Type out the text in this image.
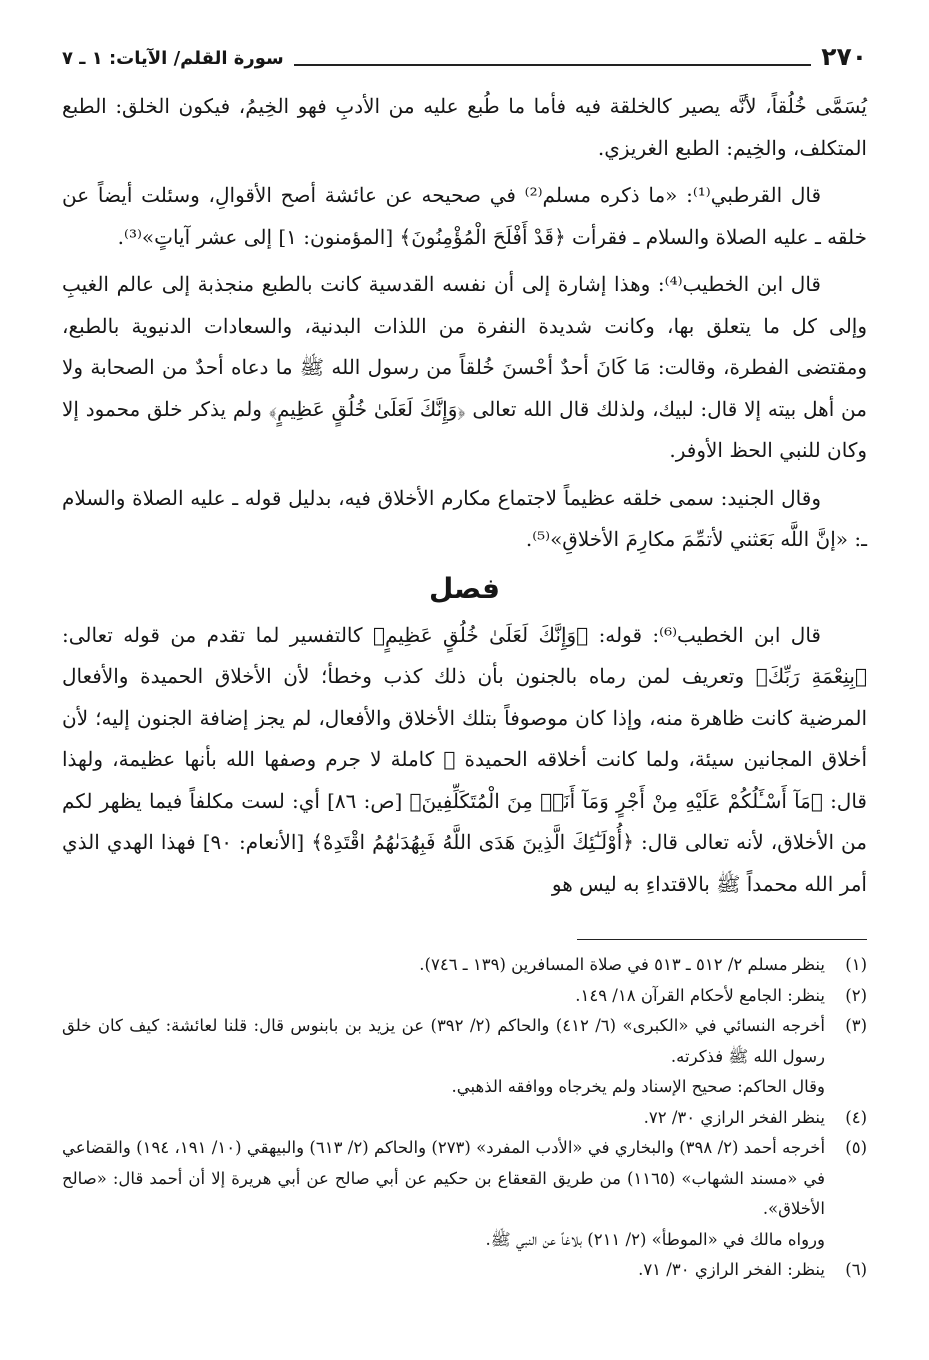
٢٧٠
سورة القلم/ الآيات: ١ ـ ٧

يُسَمَّى خُلُقاً، لأنَّه يصير كالخلقة فيه فأما ما طُبع عليه من الأدبِ فهو الخِيمُ، فيكون الخلق: الطبع المتكلف، والخِيم: الطبع الغريزي.

قال القرطبي⁽¹⁾: «ما ذكره مسلم⁽²⁾ في صحيحه عن عائشة أصح الأقوالِ، وسئلت أيضاً عن خلقه ـ عليه الصلاة والسلام ـ فقرأت ﴿قَدْ أَفْلَحَ الْمُؤْمِنُونَ﴾ [المؤمنون: ١] إلى عشر آياتٍ»⁽³⁾.

قال ابن الخطيب⁽⁴⁾: وهذا إشارة إلى أن نفسه القدسية كانت بالطبع منجذبة إلى عالم الغيبِ وإلى كل ما يتعلق بها، وكانت شديدة النفرة من اللذات البدنية، والسعادات الدنيوية بالطبع، ومقتضى الفطرة، وقالت: مَا كَانَ أحدٌ أحْسنَ خُلقاً من رسول الله ﷺ ما دعاه أحدٌ من الصحابة ولا من أهل بيته إلا قال: لبيك، ولذلك قال الله تعالى ﴿وَإِنَّكَ لَعَلَىٰ خُلُقٍ عَظِيمٍ﴾ ولم يذكر خلق محمود إلا وكان للنبي الحظ الأوفر.

وقال الجنيد: سمى خلقه عظيماً لاجتماع مكارم الأخلاق فيه، بدليل قوله ـ عليه الصلاة والسلام ـ: «إنَّ اللَّه بَعَثني لأتمِّمَ مكارِمَ الأخلاقِ»⁽⁵⁾.

فصل

قال ابن الخطيب⁽⁶⁾: قوله: ﴿وَإِنَّكَ لَعَلَىٰ خُلُقٍ عَظِيمٍ﴾ كالتفسير لما تقدم من قوله تعالى: ﴿بِنِعْمَةِ رَبِّكَ﴾ وتعريف لمن رماه بالجنون بأن ذلك كذب وخطأ؛ لأن الأخلاق الحميدة والأفعال المرضية كانت ظاهرة منه، وإذا كان موصوفاً بتلك الأخلاق والأفعال، لم يجز إضافة الجنون إليه؛ لأن أخلاق المجانين سيئة، ولما كانت أخلاقه الحميدة ﷺ كاملة لا جرم وصفها الله بأنها عظيمة، ولهذا قال: ﴿مَآ أَسْـَٔلُكُمْ عَلَيْهِ مِنْ أَجْرٍ وَمَآ أَنَا۠ مِنَ الْمُتَكَلِّفِينَ﴾ [ص: ٨٦] أي: لست مكلفاً فيما يظهر لكم من الأخلاق، لأنه تعالى قال: ﴿أُوْلَـٰٓئِكَ الَّذِينَ هَدَى اللَّهُ فَبِهُدَىٰهُمُ اقْتَدِهْ﴾ [الأنعام: ٩٠] فهذا الهدي الذي أمر الله محمداً ﷺ بالاقتداءِ به ليس هو

(١)
ينظر مسلم ٢/ ٥١٢ ـ ٥١٣ في صلاة المسافرين (١٣٩ ـ ٧٤٦).
(٢)
ينظر: الجامع لأحكام القرآن ١٨/ ١٤٩.
(٣)
أخرجه النسائي في «الكبرى» (٦/ ٤١٢) والحاكم (٢/ ٣٩٢) عن يزيد بن بابنوس قال: قلنا لعائشة: كيف كان خلق رسول الله ﷺ فذكرته.
وقال الحاكم: صحيح الإسناد ولم يخرجاه ووافقه الذهبي.
(٤)
ينظر الفخر الرازي ٣٠/ ٧٢.
(٥)
أخرجه أحمد (٢/ ٣٩٨) والبخاري في «الأدب المفرد» (٢٧٣) والحاكم (٢/ ٦١٣) والبيهقي (١٠/ ١٩١، ١٩٤) والقضاعي في «مسند الشهاب» (١١٦٥) من طريق القعقاع بن حكيم عن أبي صالح عن أبي هريرة إلا أن أحمد قال: «صالح الأخلاق».
ورواه مالك في «الموطأ» (٢/ ٢١١) بلاغاً عن النبي ﷺ.
(٦)
ينظر: الفخر الرازي ٣٠/ ٧١.
